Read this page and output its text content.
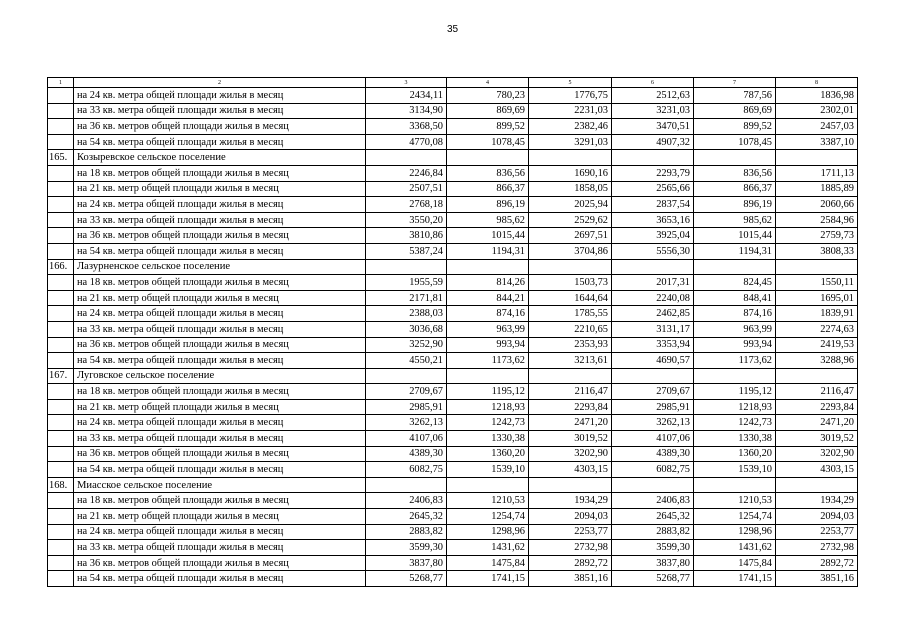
35
1	2	3	4	5	6	7	8
	на 24 кв. метра общей площади жилья в месяц	2434,11	780,23	1776,75	2512,63	787,56	1836,98
	на 33 кв. метра общей площади жилья в месяц	3134,90	869,69	2231,03	3231,03	869,69	2302,01
	на 36 кв. метров общей площади жилья в месяц	3368,50	899,52	2382,46	3470,51	899,52	2457,03
	на 54 кв. метра общей площади жилья в месяц	4770,08	1078,45	3291,03	4907,32	1078,45	3387,10
165.	Козыревское сельское поселение						
	на 18 кв. метров общей площади жилья в месяц	2246,84	836,56	1690,16	2293,79	836,56	1711,13
	на 21 кв. метр общей площади жилья в месяц	2507,51	866,37	1858,05	2565,66	866,37	1885,89
	на 24 кв. метра общей площади жилья в месяц	2768,18	896,19	2025,94	2837,54	896,19	2060,66
	на 33 кв. метра общей площади жилья в месяц	3550,20	985,62	2529,62	3653,16	985,62	2584,96
	на 36 кв. метров общей площади жилья в месяц	3810,86	1015,44	2697,51	3925,04	1015,44	2759,73
	на 54 кв. метра общей площади жилья в месяц	5387,24	1194,31	3704,86	5556,30	1194,31	3808,33
166.	Лазурненское сельское поселение						
	на 18 кв. метров общей площади жилья в месяц	1955,59	814,26	1503,73	2017,31	824,45	1550,11
	на 21 кв. метр общей площади жилья в месяц	2171,81	844,21	1644,64	2240,08	848,41	1695,01
	на 24 кв. метра общей площади жилья в месяц	2388,03	874,16	1785,55	2462,85	874,16	1839,91
	на 33 кв. метра общей площади жилья в месяц	3036,68	963,99	2210,65	3131,17	963,99	2274,63
	на 36 кв. метров общей площади жилья в месяц	3252,90	993,94	2353,93	3353,94	993,94	2419,53
	на 54 кв. метра общей площади жилья в месяц	4550,21	1173,62	3213,61	4690,57	1173,62	3288,96
167.	Луговское сельское поселение						
	на 18 кв. метров общей площади жилья в месяц	2709,67	1195,12	2116,47	2709,67	1195,12	2116,47
	на 21 кв. метр общей площади жилья в месяц	2985,91	1218,93	2293,84	2985,91	1218,93	2293,84
	на 24 кв. метра общей площади жилья в месяц	3262,13	1242,73	2471,20	3262,13	1242,73	2471,20
	на 33 кв. метра общей площади жилья в месяц	4107,06	1330,38	3019,52	4107,06	1330,38	3019,52
	на 36 кв. метров общей площади жилья в месяц	4389,30	1360,20	3202,90	4389,30	1360,20	3202,90
	на 54 кв. метра общей площади жилья в месяц	6082,75	1539,10	4303,15	6082,75	1539,10	4303,15
168.	Миасское сельское поселение						
	на 18 кв. метров общей площади жилья в месяц	2406,83	1210,53	1934,29	2406,83	1210,53	1934,29
	на 21 кв. метр общей площади жилья в месяц	2645,32	1254,74	2094,03	2645,32	1254,74	2094,03
	на 24 кв. метра общей площади жилья в месяц	2883,82	1298,96	2253,77	2883,82	1298,96	2253,77
	на 33 кв. метра общей площади жилья в месяц	3599,30	1431,62	2732,98	3599,30	1431,62	2732,98
	на 36 кв. метров общей площади жилья в месяц	3837,80	1475,84	2892,72	3837,80	1475,84	2892,72
	на 54 кв. метра общей площади жилья в месяц	5268,77	1741,15	3851,16	5268,77	1741,15	3851,16
